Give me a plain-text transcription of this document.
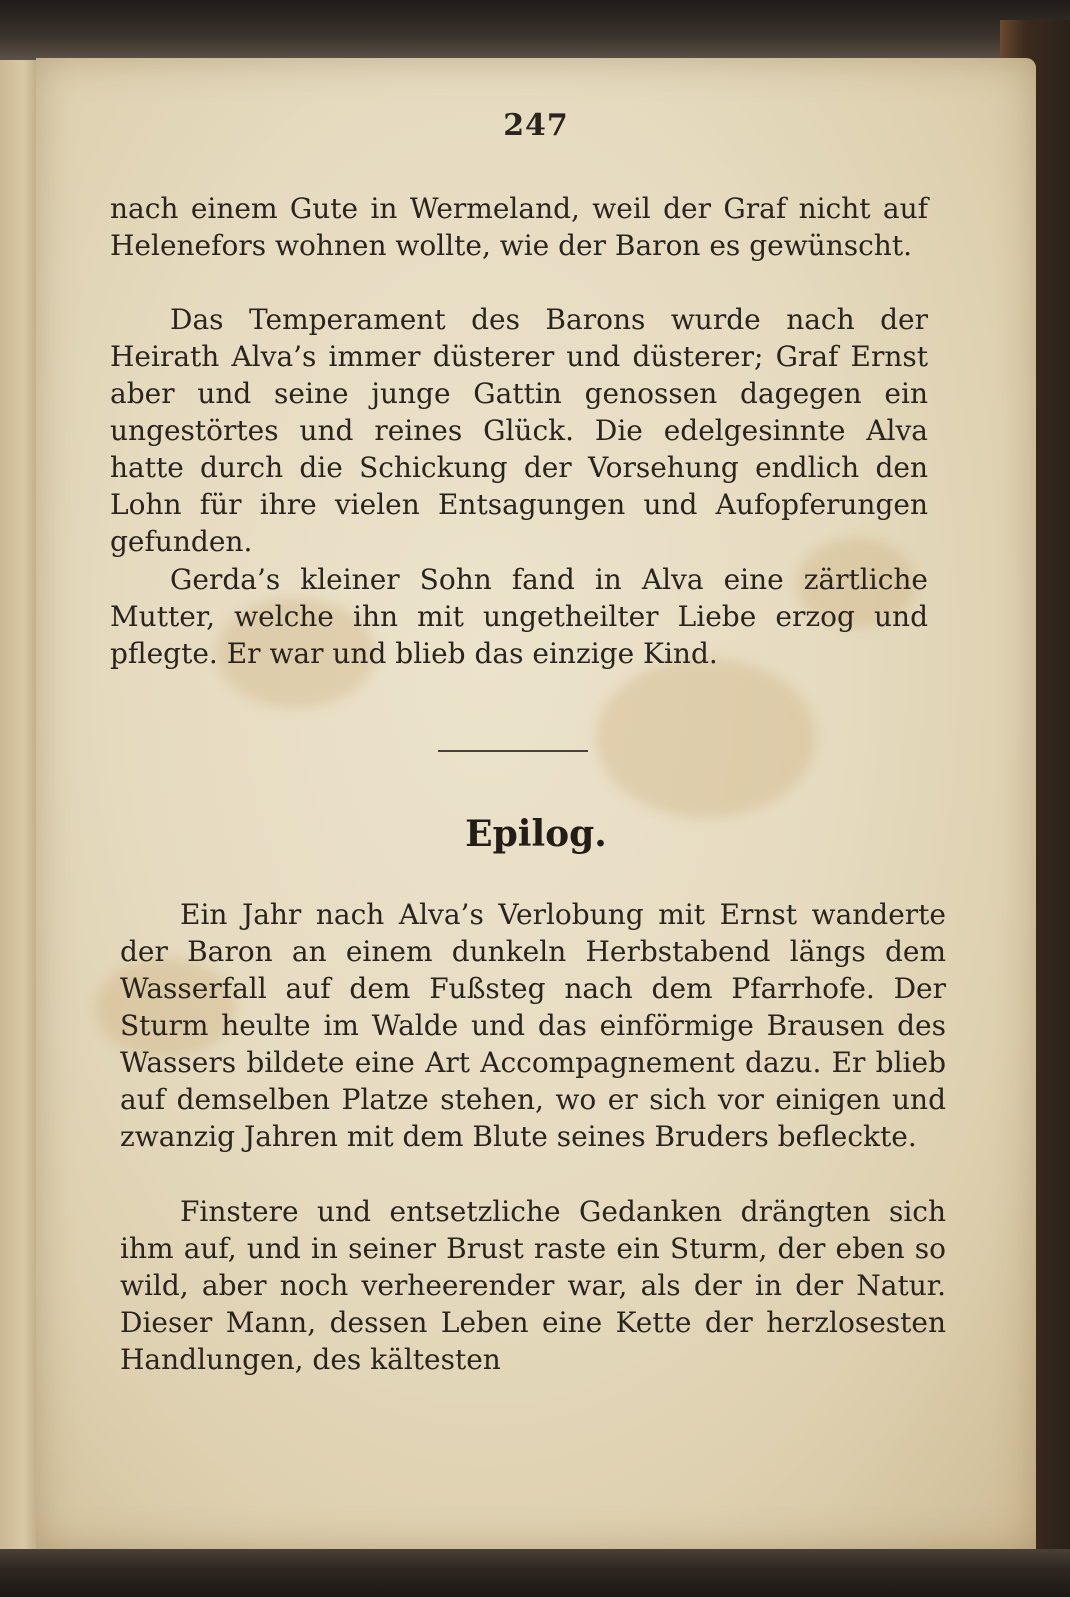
247

nach einem Gute in Wermeland, weil der Graf nicht auf Helenefors wohnen wollte, wie der Baron es gewünscht.

Das Temperament des Barons wurde nach der Heirath Alva’s immer düsterer und düsterer; Graf Ernst aber und seine junge Gattin genossen dagegen ein ungestörtes und reines Glück. Die edelgesinnte Alva hatte durch die Schickung der Vorsehung endlich den Lohn für ihre vielen Entsagungen und Aufopferungen gefunden.

Gerda’s kleiner Sohn fand in Alva eine zärtliche Mutter, welche ihn mit ungetheilter Liebe erzog und pflegte. Er war und blieb das einzige Kind.

Epilog.

Ein Jahr nach Alva’s Verlobung mit Ernst wanderte der Baron an einem dunkeln Herbstabend längs dem Wasserfall auf dem Fußsteg nach dem Pfarrhofe. Der Sturm heulte im Walde und das einförmige Brausen des Wassers bildete eine Art Accompagnement dazu. Er blieb auf demselben Platze stehen, wo er sich vor einigen und zwanzig Jahren mit dem Blute seines Bruders befleckte.

Finstere und entsetzliche Gedanken drängten sich ihm auf, und in seiner Brust raste ein Sturm, der eben so wild, aber noch verheerender war, als der in der Natur. Dieser Mann, dessen Leben eine Kette der herzlosesten Handlungen, des kältesten
